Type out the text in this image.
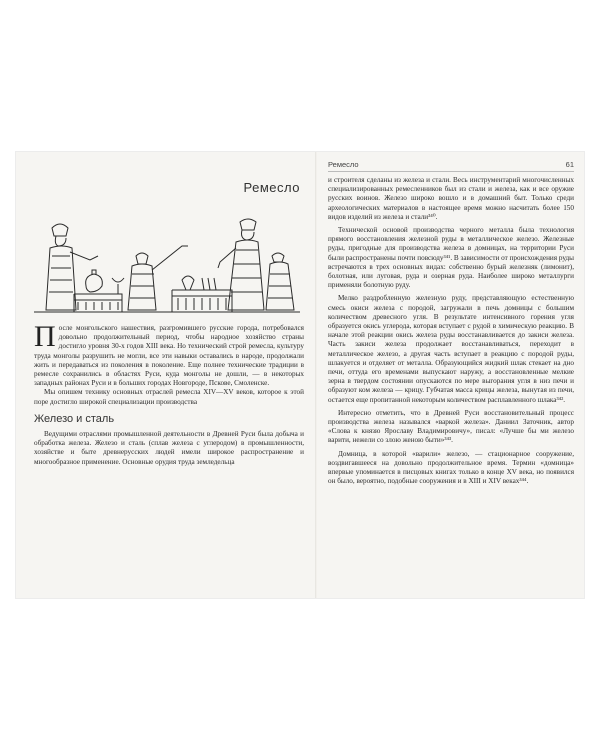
Ремесло

После монгольского нашествия, разгромившего русские города, потребовался довольно продолжительный период, чтобы народное хозяйство страны достигло уровня 30-х годов XIII века. Но технический строй ремесла, культуру труда монголы разрушить не могли, все эти навыки оставались в народе, продолжали жить и передаваться из поколения в поколение. Еще полнее технические традиции в ремесле сохранились в областях Руси, куда монголы не дошли, — в некоторых западных районах Руси и в больших городах Новгороде, Пскове, Смоленске.

Мы опишем технику основных отраслей ремесла XIV—XV веков, которое к этой поре достигло широкой специализации производства

Железо и сталь

Ведущими отраслями промышленной деятельности в Древней Руси была добыча и обработка железа. Железо и сталь (сплав железа с углеродом) в промышленности, хозяйстве и быте древнерусских людей имели широкое распространение и многообразное применение. Основные орудия труда земледельца

Ремесло	61

и строителя сделаны из железа и стали. Весь инструментарий многочисленных специализированных ремесленников был из стали и железа, как и все оружие русских воинов. Железо широко вошло и в домашний быт. Только среди археологических материалов в настоящее время можно насчитать более 150 видов изделий из железа и стали³⁴⁰.

Технической основой производства черного металла была технология прямого восстановления железной руды в металлическое железо. Железные руды, пригодные для производства железа в домницах, на территории Руси были распространены почти повсюду³⁴¹. В зависимости от происхождения руды встречаются в трех основных видах: собственно бурый железняк (лимонит), болотная, или луговая, руда и озерная руда. Наиболее широко металлурги применяли болотную руду.

Мелко раздробленную железную руду, представляющую естественную смесь окиси железа с породой, загружали в печь домницы с большим количеством древесного угля. В результате интенсивного горения угля образуется окись углерода, которая вступает с рудой в химическую реакцию. В начале этой реакции окись железа руды восстанавливается до закиси железа. Часть закиси железа продолжает восстанавливаться, переходит в металлическое железо, а другая часть вступает в реакцию с породой руды, шлакуется и отделяет от металла. Образующийся жидкий шлак стекает на дно печи, оттуда его временами выпускают наружу, а восстановленные мелкие зерна в твердом состоянии опускаются по мере выгорания угля в низ печи и образуют ком железа — крицу. Губчатая масса крицы железа, вынутая из печи, остается еще пропитанной некоторым количеством расплавленного шлака³⁴².

Интересно отметить, что в Древней Руси восстановительный процесс производства железа назывался «варкой железа». Даниил Заточник, автор «Слова к князю Ярославу Владимировичу», писал: «Лучше бы ми железо варити, нежели со злою женою быти»³⁴³.

Домница, в которой «варили» железо, — стационарное сооружение, воздвигавшееся на довольно продолжительное время. Термин «домница» впервые упоминается в писцовых книгах только в конце XV века, но появился он было, вероятно, подобные сооружения и в XIII и XIV веках³⁴⁴.
